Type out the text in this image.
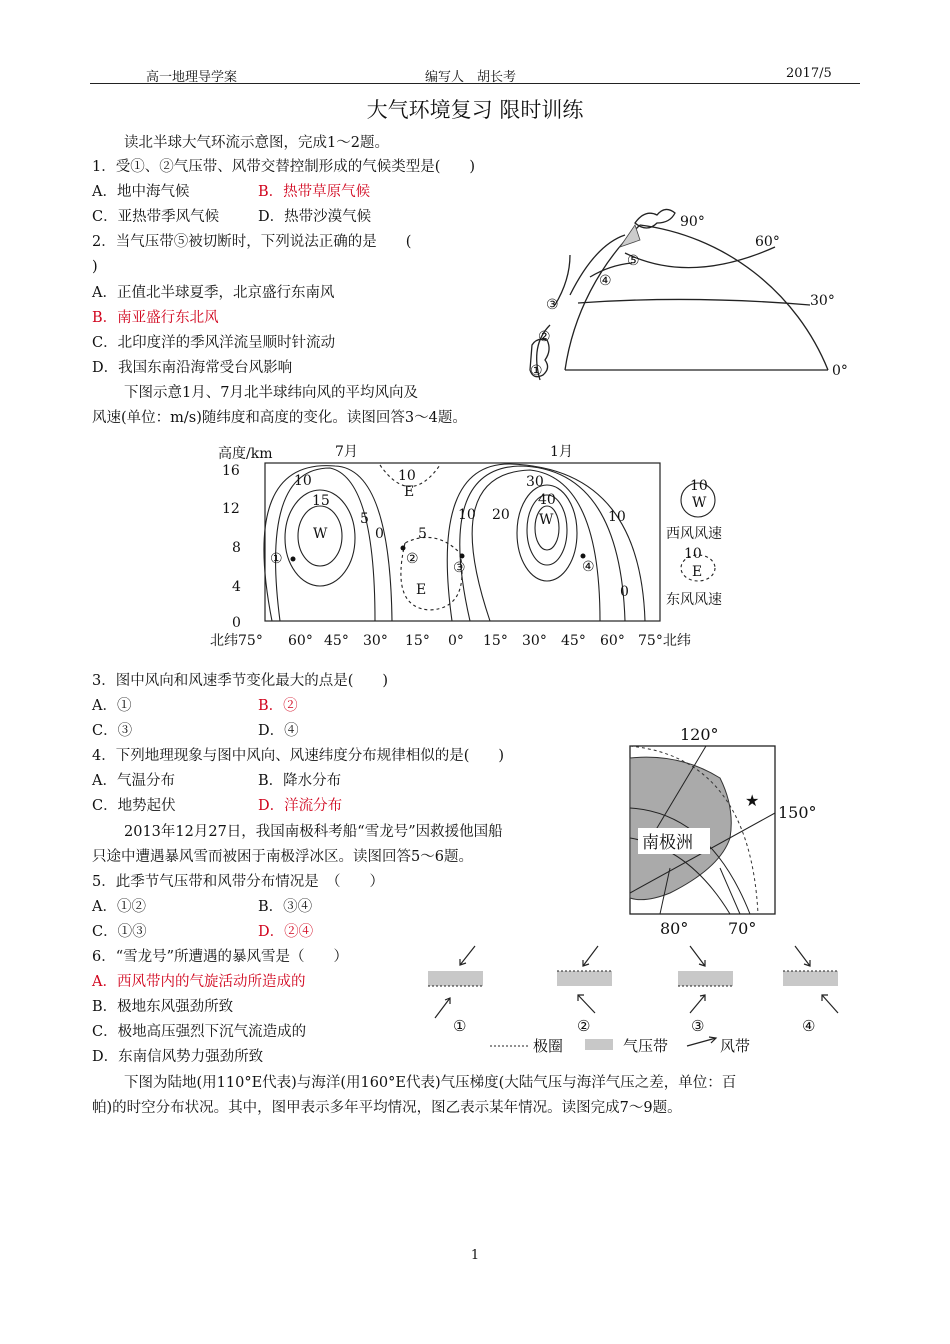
高一地理导学案	编写人　胡长考	2017/5
大气环境复习 限时训练
读北半球大气环流示意图，完成1～2题。
1．受①、②气压带、风带交替控制形成的气候类型是(　　)
A．地中海气候	B．热带草原气候
C．亚热带季风气候	D．热带沙漠气候
2．当气压带⑤被切断时，下列说法正确的是　　(
)
A．正值北半球夏季，北京盛行东南风
B．南亚盛行东北风
C．北印度洋的季风洋流呈顺时针流动
D．我国东南沿海常受台风影响
下图示意1月、7月北半球纬向风的平均风向及
风速(单位：m/s)随纬度和高度的变化。读图回答3～4题。
①
②
③
④
⑤
0°
30°
60°
90°
高度/km	7月	1月
16
12
8
4
0
北纬75° 60° 45° 30° 15° 0° 15° 30° 45° 60° 75°北纬
10
15
W
5
0
10
E
5
E
10 20
30
40
W	10
0
①	②
③	④
10
W
西风风速
10
E
东风风速
3．图中风向和风速季节变化最大的点是(　　)
A．①	B．②
C．③	D．④
4．下列地理现象与图中风向、风速纬度分布规律相似的是(　　)
A．气温分布	B．降水分布
C．地势起伏	D．洋流分布
2013年12月27日，我国南极科考船“雪龙号”因救援他国船
只途中遭遇暴风雪而被困于南极浮冰区。读图回答5～6题。
120°
150°
80° 70°
南极洲
★
5．此季节气压带和风带分布情况是　（　　）
A．①②	B．③④
C．①③	D．②④
6．“雪龙号”所遭遇的暴风雪是（　　）
A．西风带内的气旋活动所造成的
B．极地东风强劲所致
C．极地高压强烈下沉气流造成的
D．东南信风势力强劲所致
①	②	③	④
极圈	气压带	风带
下图为陆地(用110°E代表)与海洋(用160°E代表)气压梯度(大陆气压与海洋气压之差，单位：百
帕)的时空分布状况。其中，图甲表示多年平均情况，图乙表示某年情况。读图完成7～9题。
1
